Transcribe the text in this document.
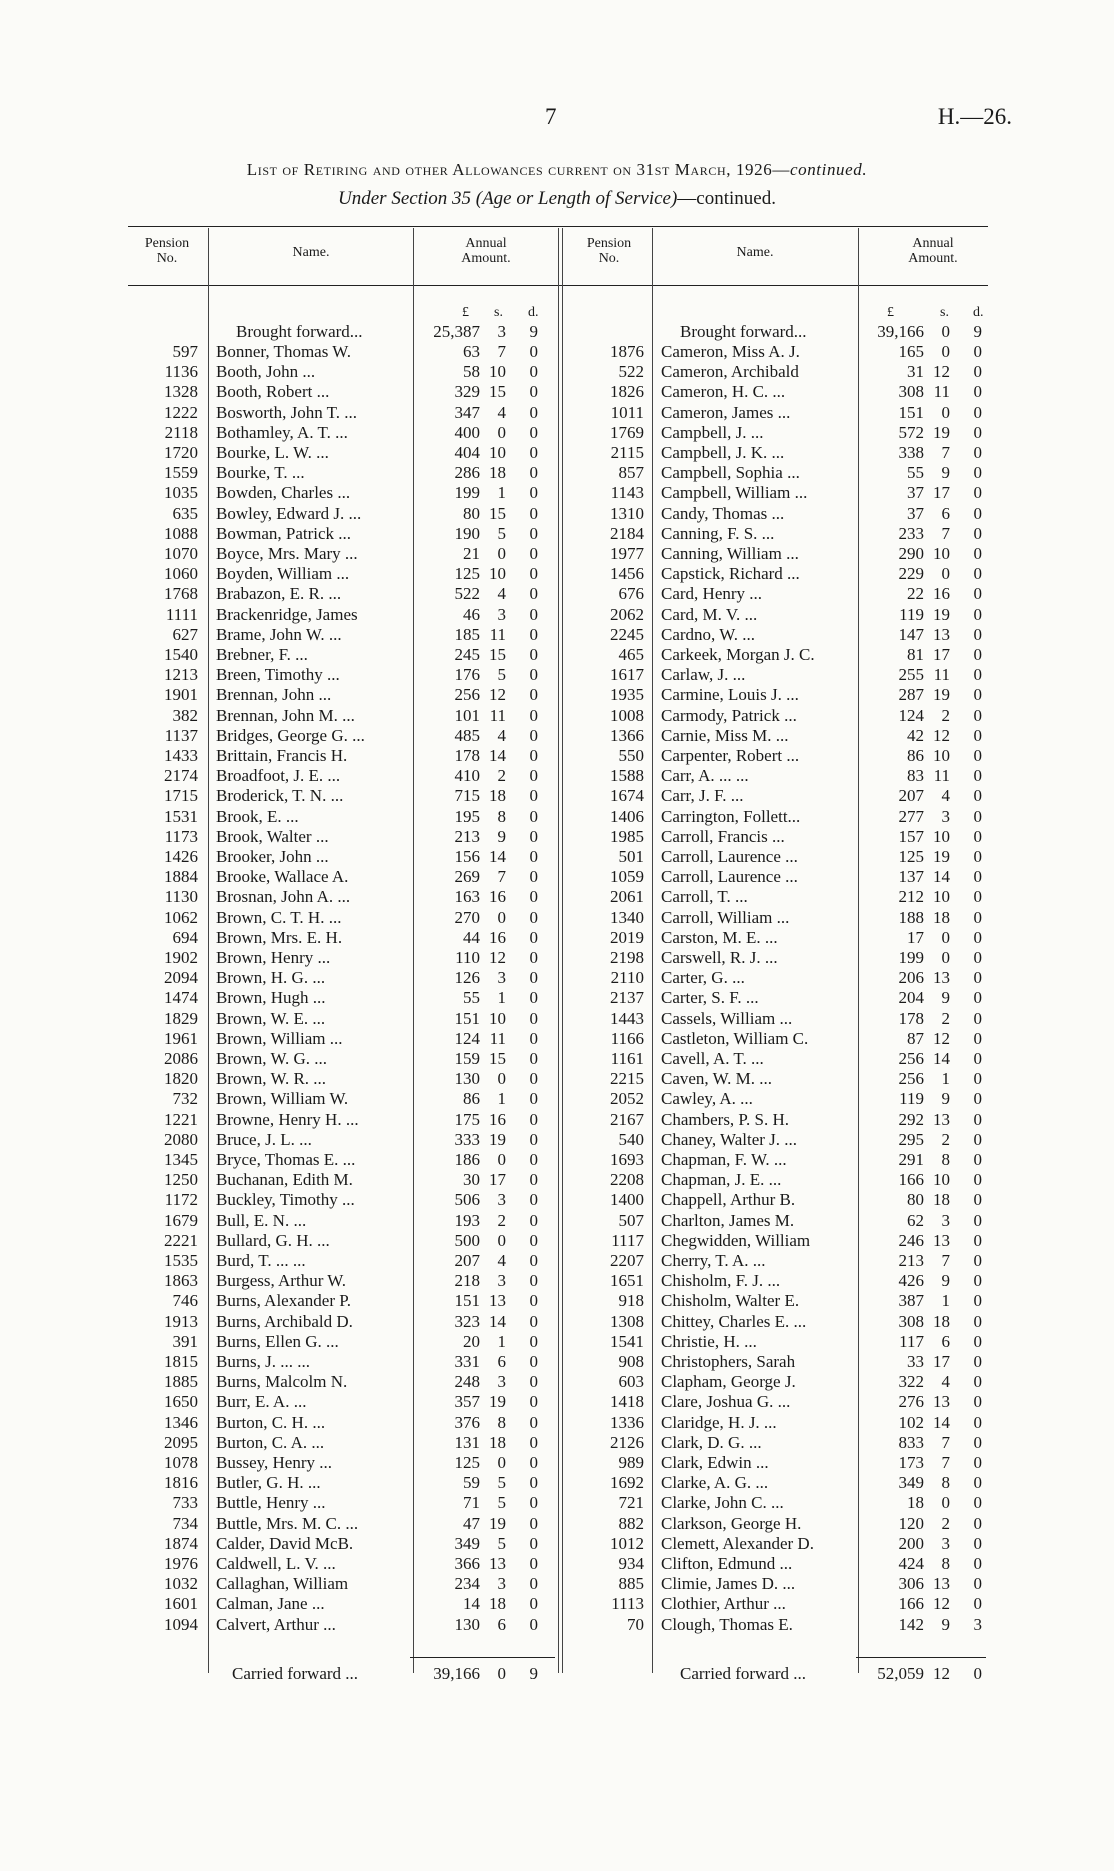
7	H.—26.
List of Retiring and other Allowances current on 31st March, 1926—continued.
Under Section 35 (Age or Length of Service)—continued.
Pension No.	Name.
Annual Amount.
Pension No.	Name.
Annual Amount.
£ s. d.	£	s. d.
Brought forward...	25,387	3	9	Brought forward...	39,166	0	9
597 Bonner, Thomas W.	63	7	0	1876 Cameron, Miss A. J.	165	0	0
1136 Booth, John ...	58 10	0	522 Cameron, Archibald	31 12	0
1328 Booth, Robert ...	329 15	0	1826 Cameron, H. C. ...	308 11	0
1222 Bosworth, John T. ...	347	4	0	1011 Cameron, James ...	151	0	0
2118 Bothamley, A. T. ...	400	0	0	1769 Campbell, J. ...	572 19	0
1720 Bourke, L. W. ...	404 10	0	2115 Campbell, J. K. ...	338	7	0
1559 Bourke, T. ...	286 18	0	857 Campbell, Sophia ...	55	9	0
1035 Bowden, Charles ...	199	1	0	1143 Campbell, William ...	37 17	0
635 Bowley, Edward J. ...	80 15	0	1310 Candy, Thomas ...	37	6	0
1088 Bowman, Patrick ...	190	5	0	2184 Canning, F. S. ...	233	7	0
1070 Boyce, Mrs. Mary ...	21	0	0	1977 Canning, William ...	290 10	0
1060 Boyden, William ...	125 10	0	1456 Capstick, Richard ...	229	0	0
1768 Brabazon, E. R. ...	522	4	0	676 Card, Henry ...	22 16	0
1111 Brackenridge, James	46	3	0	2062 Card, M. V. ...	119 19	0
627 Brame, John W. ...	185 11	0	2245 Cardno, W. ...	147 13	0
1540 Brebner, F. ...	245 15	0	465 Carkeek, Morgan J. C.	81 17	0
1213 Breen, Timothy ...	176	5	0	1617 Carlaw, J. ...	255 11	0
1901 Brennan, John ...	256 12	0	1935 Carmine, Louis J. ...	287 19	0
382 Brennan, John M. ...	101 11	0	1008 Carmody, Patrick ...	124	2	0
1137 Bridges, George G. ...	485	4	0	1366 Carnie, Miss M. ...	42 12	0
1433 Brittain, Francis H.	178 14	0	550 Carpenter, Robert ...	86 10	0
2174 Broadfoot, J. E. ...	410	2	0	1588 Carr, A. ... ...	83 11	0
1715 Broderick, T. N. ...	715 18	0	1674 Carr, J. F. ...	207	4	0
1531 Brook, E. ...	195	8	0	1406 Carrington, Follett...	277	3	0
1173 Brook, Walter ...	213	9	0	1985 Carroll, Francis ...	157 10	0
1426 Brooker, John ...	156 14	0	501 Carroll, Laurence ...	125 19	0
1884 Brooke, Wallace A.	269	7	0	1059 Carroll, Laurence ...	137 14	0
1130 Brosnan, John A. ...	163 16	0	2061 Carroll, T. ...	212 10	0
1062 Brown, C. T. H. ...	270	0	0	1340 Carroll, William ...	188 18	0
694 Brown, Mrs. E. H.	44 16	0	2019 Carston, M. E. ...	17	0	0
1902 Brown, Henry ...	110 12	0	2198 Carswell, R. J. ...	199	0	0
2094 Brown, H. G. ...	126	3	0	2110 Carter, G. ...	206 13	0
1474 Brown, Hugh ...	55	1	0	2137 Carter, S. F. ...	204	9	0
1829 Brown, W. E. ...	151 10	0	1443 Cassels, William ...	178	2	0
1961 Brown, William ...	124 11	0	1166 Castleton, William C.	87 12	0
2086 Brown, W. G. ...	159 15	0	1161 Cavell, A. T. ...	256 14	0
1820 Brown, W. R. ...	130	0	0	2215 Caven, W. M. ...	256	1	0
732 Brown, William W.	86	1	0	2052 Cawley, A. ...	119	9	0
1221 Browne, Henry H. ...	175 16	0	2167 Chambers, P. S. H.	292 13	0
2080 Bruce, J. L. ...	333 19	0	540 Chaney, Walter J. ...	295	2	0
1345 Bryce, Thomas E. ...	186	0	0	1693 Chapman, F. W. ...	291	8	0
1250 Buchanan, Edith M.	30 17	0	2208 Chapman, J. E. ...	166 10	0
1172 Buckley, Timothy ...	506	3	0	1400 Chappell, Arthur B.	80 18	0
1679 Bull, E. N. ...	193	2	0	507 Charlton, James M.	62	3	0
2221 Bullard, G. H. ...	500	0	0	1117 Chegwidden, William	246 13	0
1535 Burd, T. ... ...	207	4	0	2207 Cherry, T. A. ...	213	7	0
1863 Burgess, Arthur W.	218	3	0	1651 Chisholm, F. J. ...	426	9	0
746 Burns, Alexander P.	151 13	0	918 Chisholm, Walter E.	387	1	0
1913 Burns, Archibald D.	323 14	0	1308 Chittey, Charles E. ...	308 18	0
391 Burns, Ellen G. ...	20	1	0	1541 Christie, H. ...	117	6	0
1815 Burns, J. ... ...	331	6	0	908 Christophers, Sarah	33 17	0
1885 Burns, Malcolm N.	248	3	0	603 Clapham, George J.	322	4	0
1650 Burr, E. A. ...	357 19	0	1418 Clare, Joshua G. ...	276 13	0
1346 Burton, C. H. ...	376	8	0	1336 Claridge, H. J. ...	102 14	0
2095 Burton, C. A. ...	131 18	0	2126 Clark, D. G. ...	833	7	0
1078 Bussey, Henry ...	125	0	0	989 Clark, Edwin ...	173	7	0
1816 Butler, G. H. ...	59	5	0	1692 Clarke, A. G. ...	349	8	0
733 Buttle, Henry ...	71	5	0	721 Clarke, John C. ...	18	0	0
734 Buttle, Mrs. M. C. ...	47 19	0	882 Clarkson, George H.	120	2	0
1874 Calder, David McB.	349	5	0	1012 Clemett, Alexander D.	200	3	0
1976 Caldwell, L. V. ...	366 13	0	934 Clifton, Edmund ...	424	8	0
1032 Callaghan, William	234	3	0	885 Climie, James D. ...	306 13	0
1601 Calman, Jane ...	14 18	0	1113 Clothier, Arthur ...	166 12	0
1094 Calvert, Arthur ...	130	6	0	70 Clough, Thomas E.	142	9	3
Carried forward ...	39,166	0	9	Carried forward ...	52,059 12	0
